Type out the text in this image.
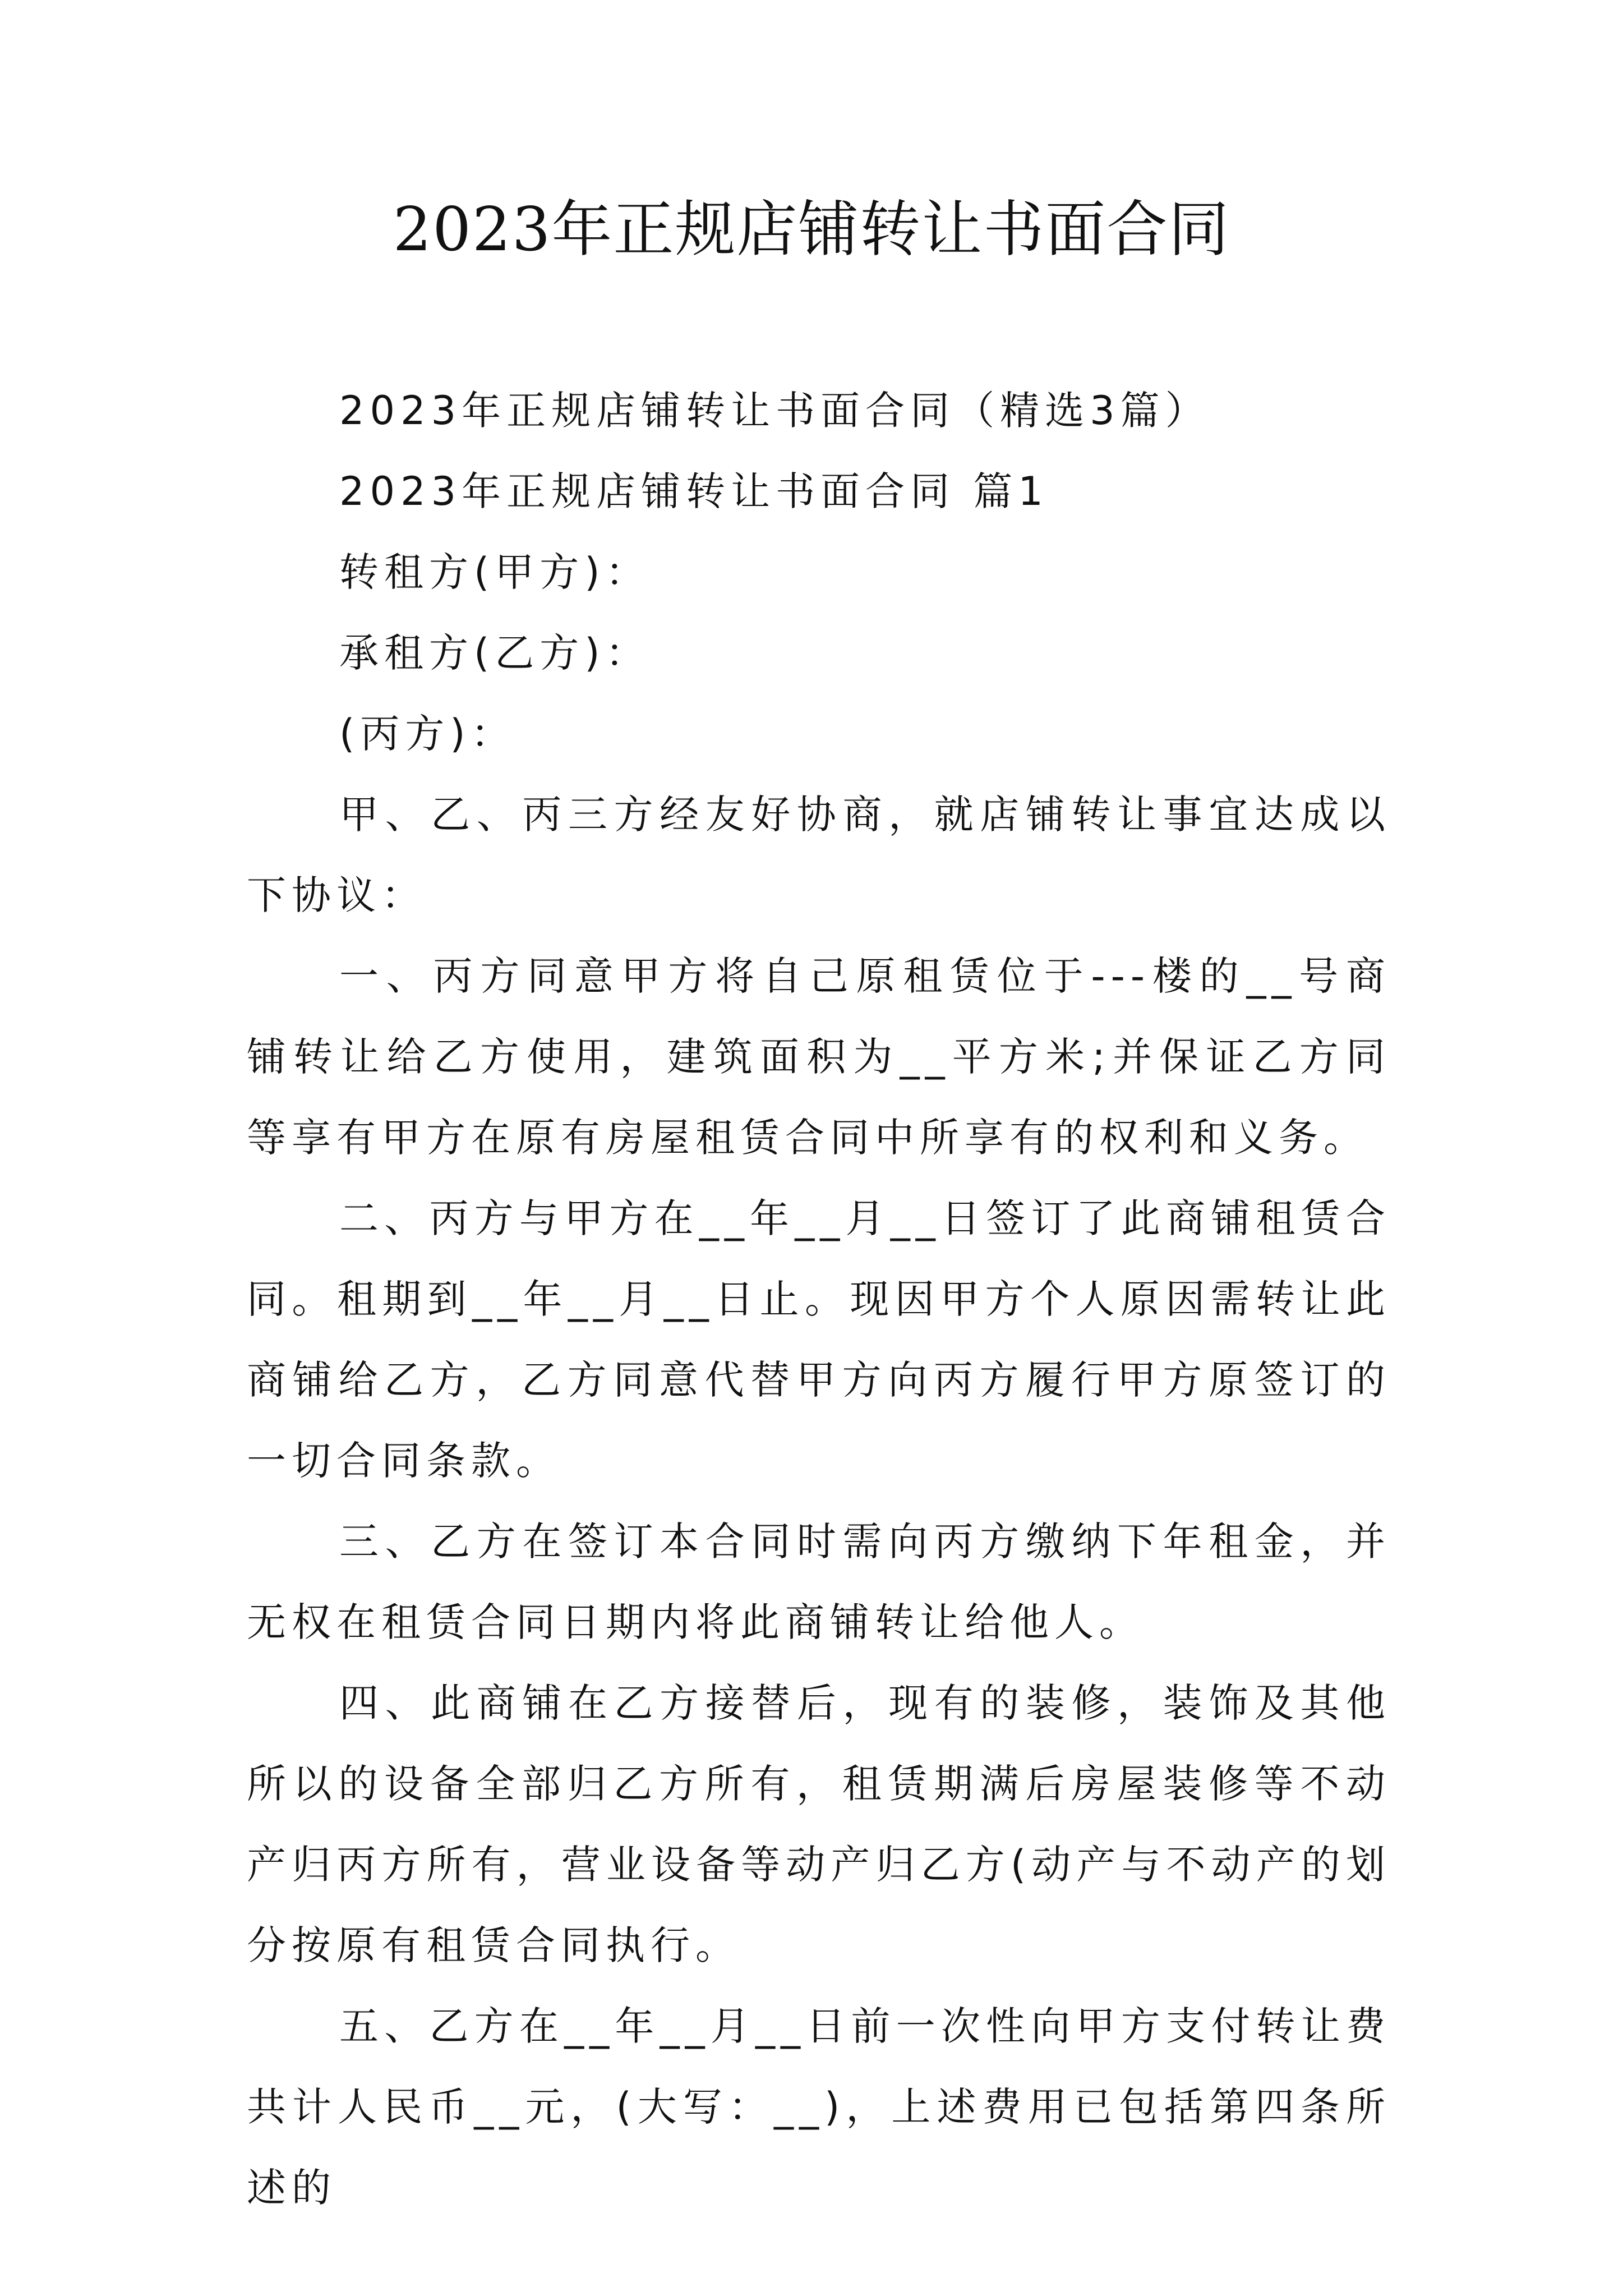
2023年正规店铺转让书面合同

2023年正规店铺转让书面合同（精选3篇）

2023年正规店铺转让书面合同 篇1

转租方(甲方)：

承租方(乙方)：

(丙方)：

甲、乙、丙三方经友好协商，就店铺转让事宜达成以下协议：

一、丙方同意甲方将自己原租赁位于---楼的__号商铺转让给乙方使用，建筑面积为__平方米;并保证乙方同等享有甲方在原有房屋租赁合同中所享有的权利和义务。

二、丙方与甲方在__年__月__日签订了此商铺租赁合同。租期到__年__月__日止。现因甲方个人原因需转让此商铺给乙方，乙方同意代替甲方向丙方履行甲方原签订的一切合同条款。

三、乙方在签订本合同时需向丙方缴纳下年租金，并无权在租赁合同日期内将此商铺转让给他人。

四、此商铺在乙方接替后，现有的装修，装饰及其他所以的设备全部归乙方所有，租赁期满后房屋装修等不动产归丙方所有，营业设备等动产归乙方(动产与不动产的划分按原有租赁合同执行。

五、乙方在__年__月__日前一次性向甲方支付转让费共计人民币__元，(大写：__)，上述费用已包括第四条所述的
